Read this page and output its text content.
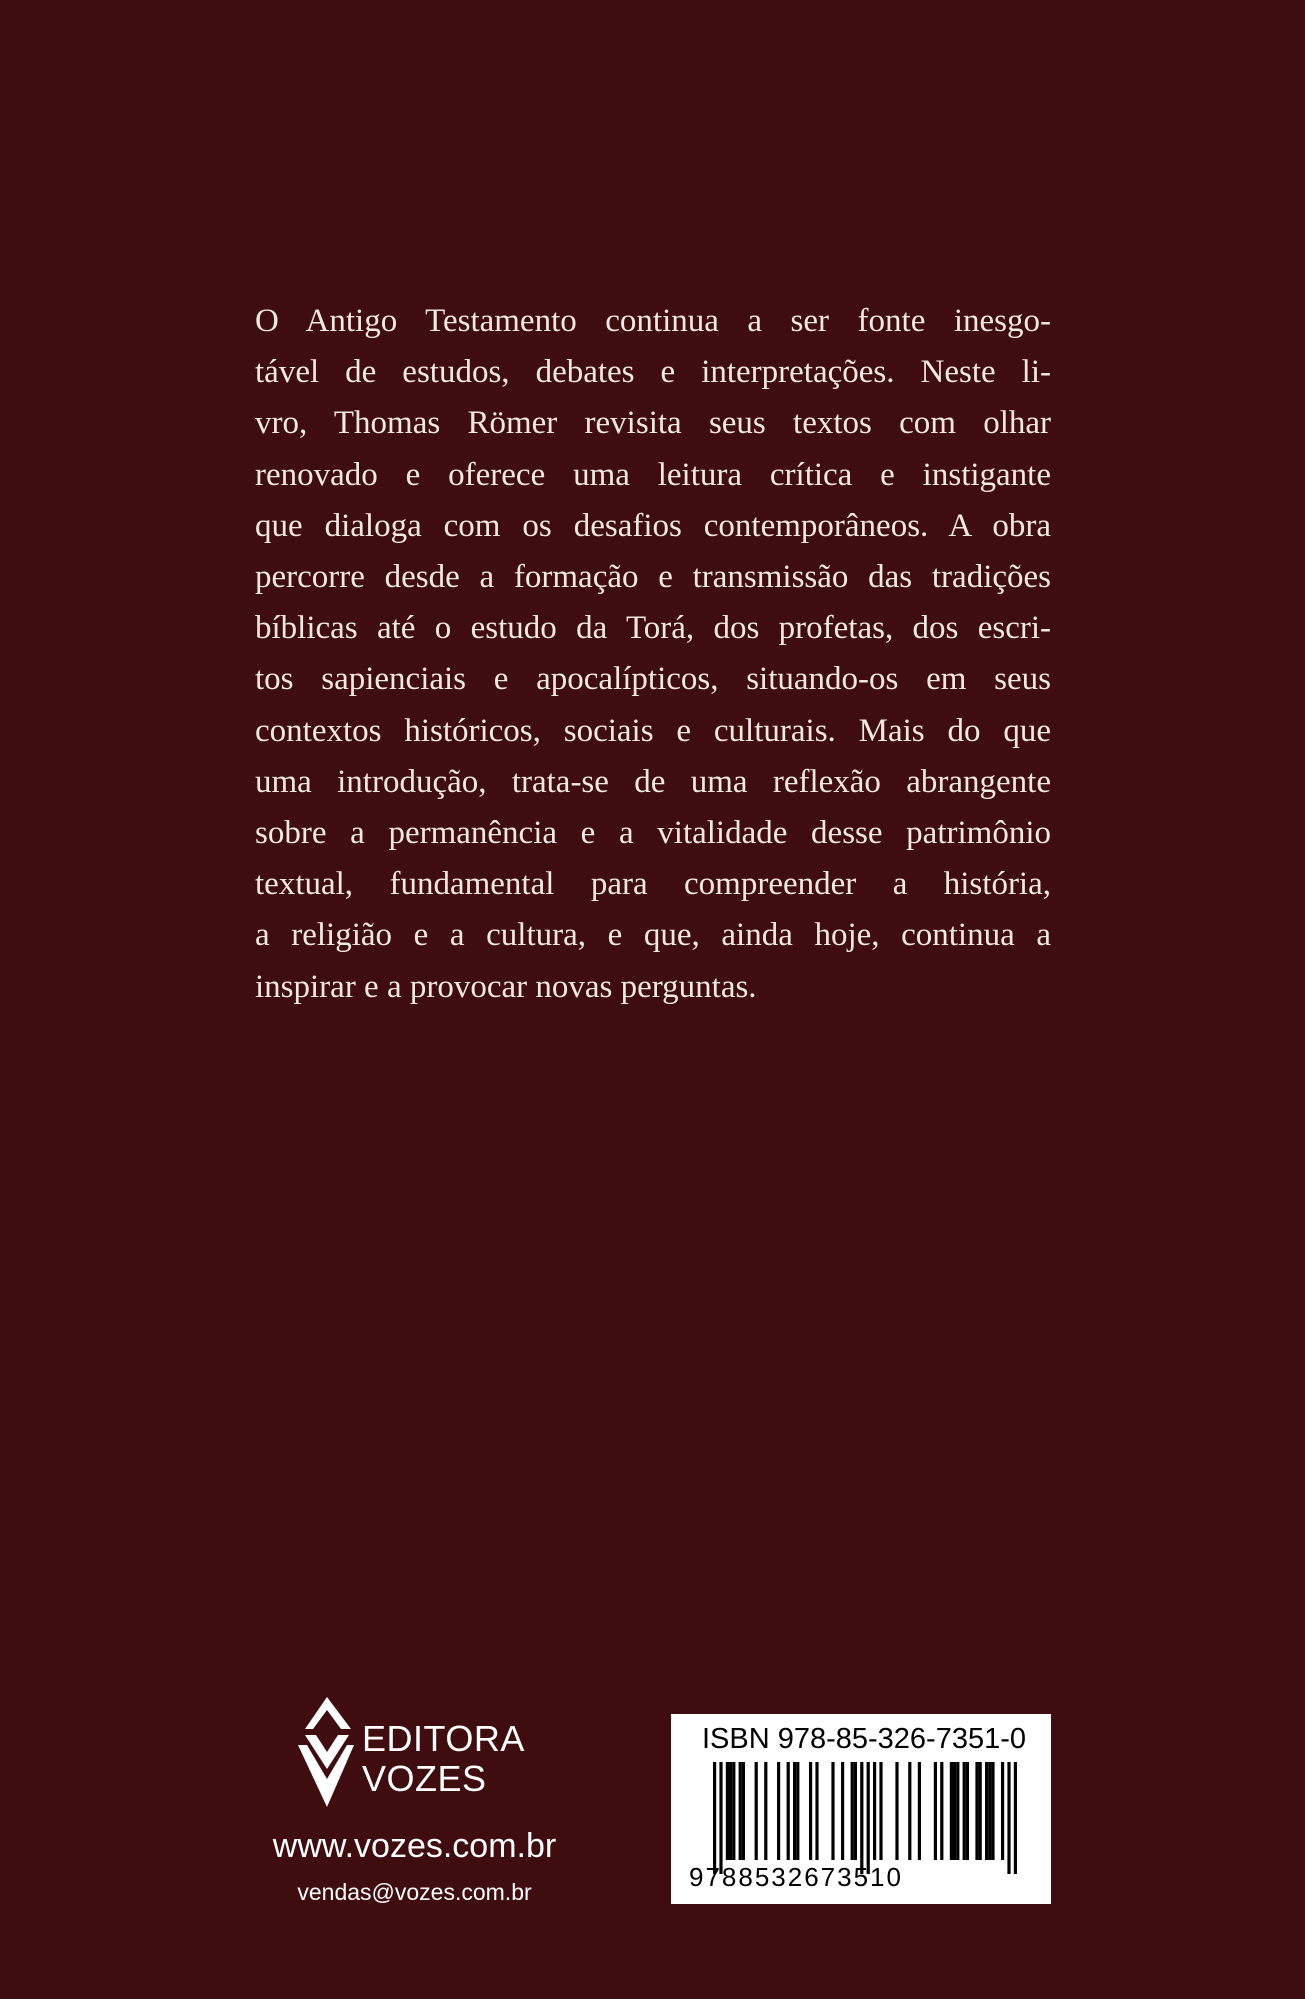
O Antigo Testamento continua a ser fonte inesgo-
tável de estudos, debates e interpretações. Neste li-
vro, Thomas Römer revisita seus textos com olhar
renovado e oferece uma leitura crítica e instigante
que dialoga com os desafios contemporâneos. A obra
percorre desde a formação e transmissão das tradições
bíblicas até o estudo da Torá, dos profetas, dos escri-
tos sapienciais e apocalípticos, situando-os em seus
contextos históricos, sociais e culturais. Mais do que
uma introdução, trata-se de uma reflexão abrangente
sobre a permanência e a vitalidade desse patrimônio
textual, fundamental para compreender a história,
a religião e a cultura, e que, ainda hoje, continua a
inspirar e a provocar novas perguntas.
EDITORA
VOZES
www.vozes.com.br
vendas@vozes.com.br
ISBN 978-85-326-7351-0
9788532673510
